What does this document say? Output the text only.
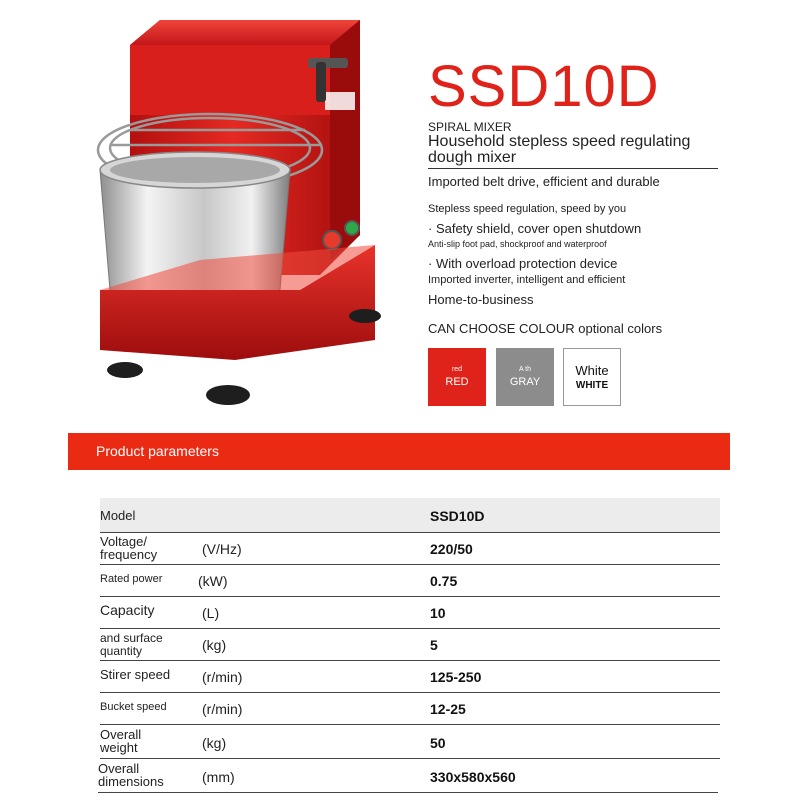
SSD10D
SPIRAL MIXER
Household stepless speed regulating dough mixer
Imported belt drive, efficient and durable
Stepless speed regulation, speed by you
· Safety shield, cover open shutdown
Anti-slip foot pad, shockproof and waterproof
· With overload protection device
Imported inverter, intelligent and efficient
Home-to-business
CAN CHOOSE COLOUR optional colors
red
RED
A th
GRAY
White
WHITE
Product parameters
Model	SSD10D
Voltage/ frequency	(V/Hz)	220/50
Rated power	(kW)	0.75
Capacity	(L)	10
and surface quantity	(kg)	5
Stirer speed (r/min)	125-250
Bucket speed	(r/min)	12-25
Overall weight	(kg)	50
Overall dimensions	(mm)	330x580x560
